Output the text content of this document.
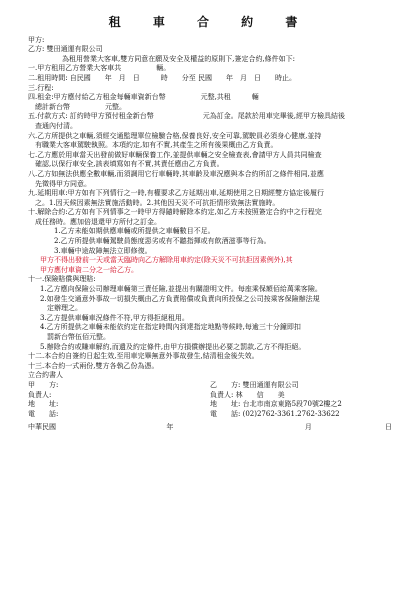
租 車 合 約 書
甲方:
乙方: 雙田通運有限公司
為租用營業大客車,雙方同意在願及安全及權益的原則下,簽定合約,條件如下:
一.甲方租用乙方營業大客車共　　　　　輛。
二.租用時間: 自民國　　年　月　日　　　時　　分至 民國　　年　月　日　　時止。
三.行程:
四.租金:甲方應付給乙方租金每輛車資新台幣　　　　　元整,共租　　　輛
　總計新台幣　　　　　元整。
五.付款方式: 訂約時甲方預付租金新台幣　　　　　　　元為訂金。尾款於用車完畢後,經甲方檢具結後
　查通內付清。
六.乙方所提供之車輛,須經交通監理單位檢驗合格,保養良好,安全可靠,駕駛員必須身心健康,並持
　有職業大客車駕駛執照。本項約定,如有不實,其產生之所有後果概由乙方負責。
七.乙方應於用車當天出發前做好車輛保養工作,並提供車輛之安全檢查表,會請甲方人員共同檢查
　確認,以保行車安全,該表填寫如有不實,其責任應由乙方負責。
八.乙方如無法供應全數車輛,而須調用它行車輛時,其車齡及車況應與本合約所訂之條件相同,並應
　先徵得甲方同意。
九.延期用車:甲方如有下列情行之一時,有權要求乙方延期出車,延期使用之日期經雙方協定後履行
　之。1.因天候因素無法實施活動時。2.其他因天災不可抗拒情形致無法實施時。
十.解除合約:乙方如有下列情事之一時甲方得隨時解除本約定,如乙方未按照簽定合約中之行程完
　成任務時。應加倍退還甲方所付之訂金。
1.乙方未能如期供應車輛或所提供之車輛數目不足。
2.乙方所提供車輛駕駛員態度惡劣或有不聽指揮或有飲酒滋事等行為。
3.車輛中途故障無法立即修復。
甲方不得出發前一天或當天臨時向乙方解除用車約定(除天災不可抗拒因素例外),其
甲方應付車資二分之一給乙方。
十一.保險賠償與理賠:
1.乙方應向保險公司辦理車輛第三責任險,並提出有關證明文件。每座乘保額佰給萬乘客險。
2.如發生交通意外事故一切損失概由乙方負責賠償或負責向所投保之公司按乘客保險辦法規
　定辦理之。
3.乙方提供車輛車況條件不符,甲方得拒絕租用。
4.乙方所提供之車輛未能依約定在指定時間內到達指定地點等候時,每逾三十分鐘即扣
　罰新台幣伍佰元整。
5.辦除合約或賺車解約,而遺及約定條件,由甲方損償辦提出必要之罰款,乙方不得拒絕。
十二.本合約自簽約日起生效,至用車完畢無意外事故發生,結清租金後失效。
十三.本合約一式兩份,雙方各執乙份為憑。
立合約書人
甲　　方:	乙　　方: 雙田通運有限公司
負責人:	負責人: 林　　信　　美
地　　址:	地　　址: 台北市南京東路5段70號2樓之2
電　　話:	電　　話: (02)2762-3361.2762-33622
中華民國	年	月	日
